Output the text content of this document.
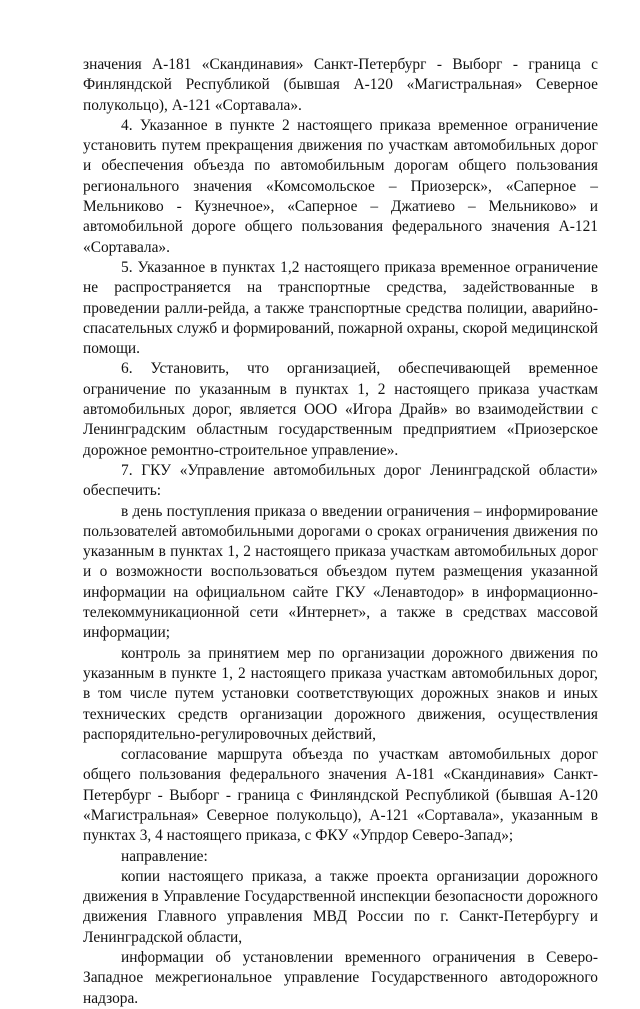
значения А-181 «Скандинавия» Санкт-Петербург - Выборг - граница с Финляндской Республикой (бывшая А-120 «Магистральная» Северное полукольцо), А-121 «Сортавала».

4. Указанное в пункте 2 настоящего приказа временное ограничение установить путем прекращения движения по участкам автомобильных дорог и обеспечения объезда по автомобильным дорогам общего пользования регионального значения «Комсомольское – Приозерск», «Саперное – Мельниково - Кузнечное», «Саперное – Джатиево – Мельниково» и автомобильной дороге общего пользования федерального значения А-121 «Сортавала».

5. Указанное в пунктах 1,2 настоящего приказа временное ограничение не распространяется на транспортные средства, задействованные в проведении ралли-рейда, а также транспортные средства полиции, аварийно-спасательных служб и формирований, пожарной охраны, скорой медицинской помощи.

6. Установить, что организацией, обеспечивающей временное ограничение по указанным в пунктах 1, 2 настоящего приказа участкам автомобильных дорог, является ООО «Игора Драйв» во взаимодействии с Ленинградским областным государственным предприятием «Приозерское дорожное ремонтно-строительное управление».

7. ГКУ «Управление автомобильных дорог Ленинградской области» обеспечить:

в день поступления приказа о введении ограничения – информирование пользователей автомобильными дорогами о сроках ограничения движения по указанным в пунктах 1, 2 настоящего приказа участкам автомобильных дорог и о возможности воспользоваться объездом путем размещения указанной информации на официальном сайте ГКУ «Ленавтодор» в информационно-телекоммуникационной сети «Интернет», а также в средствах массовой информации;

контроль за принятием мер по организации дорожного движения по указанным в пункте 1, 2 настоящего приказа участкам автомобильных дорог, в том числе путем установки соответствующих дорожных знаков и иных технических средств организации дорожного движения, осуществления распорядительно-регулировочных действий,

согласование маршрута объезда по участкам автомобильных дорог общего пользования федерального значения А-181 «Скандинавия» Санкт-Петербург - Выборг - граница с Финляндской Республикой (бывшая А-120 «Магистральная» Северное полукольцо), А-121 «Сортавала», указанным в пунктах 3, 4 настоящего приказа, с ФКУ «Упрдор Северо-Запад»;

направление:

копии настоящего приказа, а также проекта организации дорожного движения в Управление Государственной инспекции безопасности дорожного движения Главного управления МВД России по г. Санкт-Петербургу и Ленинградской области,

информации об установлении временного ограничения в Северо-Западное межрегиональное управление Государственного автодорожного надзора.
